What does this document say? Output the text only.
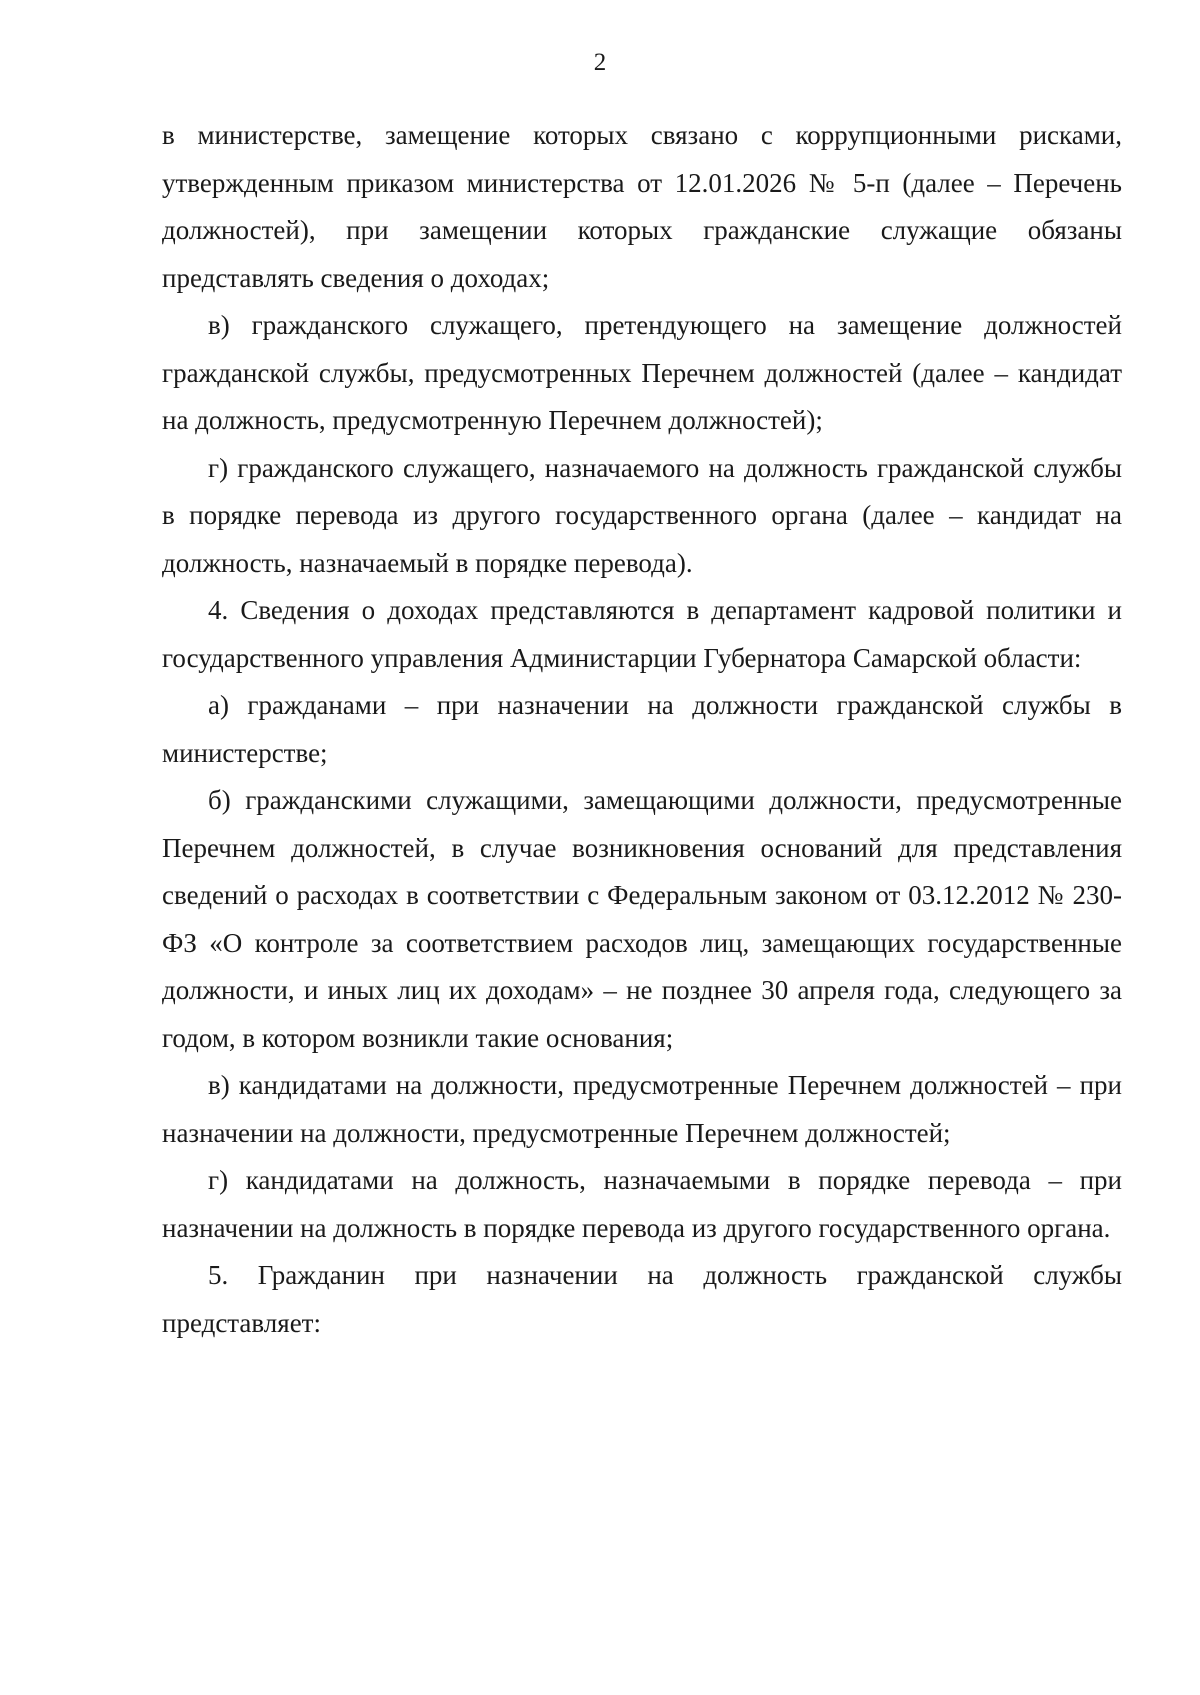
2

в министерстве, замещение которых связано с коррупционными рисками, утвержденным приказом министерства от 12.01.2026 № 5-п (далее – Перечень должностей), при замещении которых гражданские служащие обязаны представлять сведения о доходах;

в) гражданского служащего, претендующего на замещение должностей гражданской службы, предусмотренных Перечнем должностей (далее – кандидат на должность, предусмотренную Перечнем должностей);

г) гражданского служащего, назначаемого на должность гражданской службы в порядке перевода из другого государственного органа (далее – кандидат на должность, назначаемый в порядке перевода).

4. Сведения о доходах представляются в департамент кадровой политики и государственного управления Администарции Губернатора Самарской области:

а) гражданами – при назначении на должности гражданской службы в министерстве;

б) гражданскими служащими, замещающими должности, предусмотренные Перечнем должностей, в случае возникновения оснований для представления сведений о расходах в соответствии с Федеральным законом от 03.12.2012 № 230-ФЗ «О контроле за соответствием расходов лиц, замещающих государственные должности, и иных лиц их доходам» – не позднее 30 апреля года, следующего за годом, в котором возникли такие основания;

в) кандидатами на должности, предусмотренные Перечнем должностей – при назначении на должности, предусмотренные Перечнем должностей;

г) кандидатами на должность, назначаемыми в порядке перевода – при назначении на должность в порядке перевода из другого государственного органа.

5. Гражданин при назначении на должность гражданской службы представляет:
